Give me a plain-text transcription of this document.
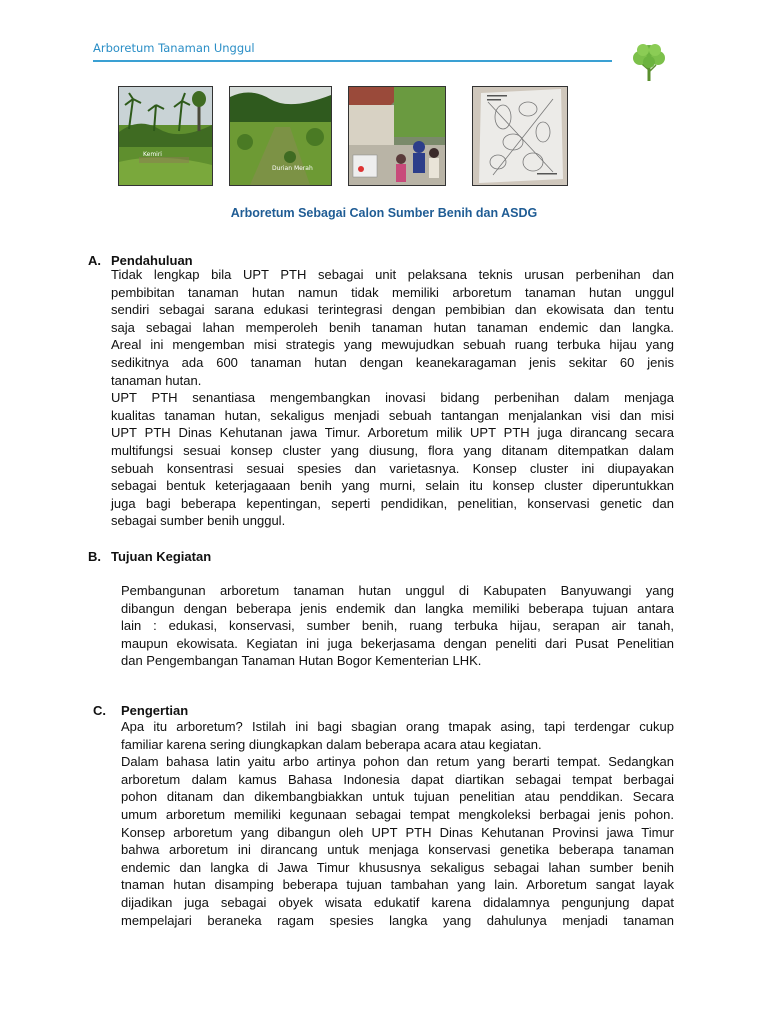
Arboretum Tanaman Unggul
Kemiri
Durian Merah
Arboretum Sebagai Calon Sumber Benih dan ASDG
A. Pendahuluan
Tidak lengkap bila UPT PTH sebagai unit pelaksana teknis urusan perbenihan dan
pembibitan tanaman hutan namun tidak memiliki arboretum tanaman hutan unggul
sendiri sebagai sarana edukasi terintegrasi dengan pembibian dan ekowisata dan tentu
saja sebagai lahan memperoleh benih tanaman hutan tanaman endemic dan langka.
Areal ini mengemban misi strategis yang mewujudkan sebuah ruang terbuka hijau yang
sedikitnya ada 600 tanaman hutan dengan keanekaragaman jenis sekitar 60 jenis
tanaman hutan.
UPT PTH senantiasa mengembangkan inovasi bidang perbenihan dalam menjaga
kualitas tanaman hutan, sekaligus menjadi sebuah tantangan menjalankan visi dan misi
UPT PTH Dinas Kehutanan jawa Timur. Arboretum milik UPT PTH juga dirancang secara
multifungsi sesuai konsep cluster yang diusung, flora yang ditanam ditempatkan dalam
sebuah konsentrasi sesuai spesies dan varietasnya. Konsep cluster ini diupayakan
sebagai bentuk keterjagaaan benih yang murni, selain itu konsep cluster diperuntukkan
juga bagi beberapa kepentingan, seperti pendidikan, penelitian, konservasi genetic dan
sebagai sumber benih unggul.
B. Tujuan Kegiatan
Pembangunan arboretum tanaman hutan unggul di Kabupaten Banyuwangi yang
dibangun dengan beberapa jenis endemik dan langka memiliki beberapa tujuan antara
lain : edukasi, konservasi, sumber benih, ruang terbuka hijau, serapan air tanah,
maupun ekowisata. Kegiatan ini juga bekerjasama dengan peneliti dari Pusat Penelitian
dan Pengembangan Tanaman Hutan Bogor Kementerian LHK.
C. Pengertian
Apa itu arboretum? Istilah ini bagi sbagian orang tmapak asing, tapi terdengar cukup
familiar karena sering diungkapkan dalam beberapa acara atau kegiatan.
Dalam bahasa latin yaitu arbo artinya pohon dan retum yang berarti tempat. Sedangkan
arboretum dalam kamus Bahasa Indonesia dapat diartikan sebagai tempat berbagai
pohon ditanam dan dikembangbiakkan untuk tujuan penelitian atau penddikan. Secara
umum arboretum memiliki kegunaan sebagai tempat mengkoleksi berbagai jenis pohon.
Konsep arboretum yang dibangun oleh UPT PTH Dinas Kehutanan Provinsi jawa Timur
bahwa arboretum ini dirancang untuk menjaga konservasi genetika beberapa tanaman
endemic dan langka di Jawa Timur khususnya sekaligus sebagai lahan sumber benih
tnaman hutan disamping beberapa tujuan tambahan yang lain. Arboretum sangat layak
dijadikan juga sebagai obyek wisata edukatif karena didalamnya pengunjung dapat
mempelajari beraneka ragam spesies langka yang dahulunya menjadi tanaman
